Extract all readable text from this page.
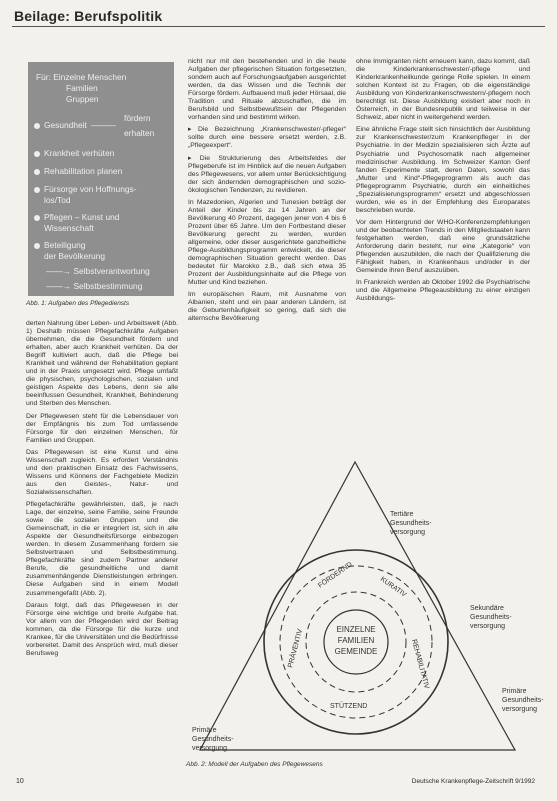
Beilage: Berufspolitik
Für: Einzelne Menschen
Familien
Gruppen
Gesundheit ———
fördern
erhalten
Krankheit verhüten
Rehabilitation planen
Fürsorge von Hoffnungs-
los/Tod
Pflegen – Kunst und
Wissenschaft
Beteiligung
der Bevölkerung
——→ Selbstverantwortung
——→ Selbstbestimmung
Abb. 1: Aufgaben des Pflegediensts

derten Nahrung über Leben- und Arbeitswelt (Abb. 1) Deshalb müssen Pflegefachkräfte Aufgaben übernehmen, die die Gesundheit fördern und erhalten, aber auch Krankheit verhüten. Da der Begriff kultiviert auch, daß die Pflege bei Krankheit und während der Rehabilitation geplant und in der Praxis umgesetzt wird. Pflege umfaßt die physischen, psychologischen, sozialen und geistigen Aspekte des Lebens, denn sie alle beeinflussen Gesundheit, Krankheit, Behinderung und Sterben des Menschen.

Der Pflegewesen steht für die Lebensdauer von der Empfängnis bis zum Tod umfassende Fürsorge für den einzelnen Menschen, für Familien und Gruppen.

Das Pflegewesen ist eine Kunst und eine Wissenschaft zugleich. Es erfordert Verständnis und den praktischen Einsatz des Fachwissens, Wissens und Könnens der Fachgebiete Medizin aus den Geistes-, Natur- und Sozialwissenschaften.

Pflegefachkräfte gewährleisten, daß, je nach Lage, der einzelne, seine Familie, seine Freunde sowie die sozialen Gruppen und die Gemeinschaft, in die er integriert ist, sich in alle Aspekte der Gesundheitsfürsorge einbezogen werden. In diesem Zusammenhang fordern sie Selbstvertrauen und Selbstbestimmung. Pflegefachkräfte sind zudem Partner anderer Berufe, die gesundheitliche und damit zusammenhängende Dienstleistungen erbringen. Diese Aufgaben sind in einem Modell zusammengefaßt (Abb. 2).

Daraus folgt, daß das Pflegewesen in der Fürsorge eine wichtige und breite Aufgabe hat. Vor allem von der Pflegenden wird der Beitrag kommen, da die Fürsorge für die kurze und Krankee, für die Universitäten und die Bedürfnisse vorbereitet. Damit des Ansprüch wird, muß dieser Berufsweg

nicht nur mit den bestehenden und in die heute Aufgaben der pflegerischen Situation fortgesetzten, sondern auch auf Forschungsaufgaben ausgerichtet werden, da das Wissen und die Technik der Fürsorge fördern. Aufbauend muß jeder Hörsaal, die Tradition und Rituale abzuschaffen, die im Berufsbild und Selbstbewußtsein der Pflegenden vorhanden sind und bestimmt wirken.

▸ Die Bezeichnung „Krankenschwester/-pfleger“ sollte durch eine bessere ersetzt werden, z.B. „Pflegeexpert“.

▸ Die Strukturierung des Arbeitsfeldes der Pflegeberufe ist im Hinblick auf die neuen Aufgaben des Pflegewesens, vor allem unter Berücksichtigung der sich ändernden demographischen und sozio-ökologischen Tendenzen, zu revidieren.

In Mazedonien, Algerien und Tunesien beträgt der Anteil der Kinder bis zu 14 Jahren an der Bevölkerung 40 Prozent, dagegen jener von 4 bis 6 Prozent über 65 Jahre. Um den Fortbestand dieser Bevölkerung gerecht zu werden, wurden allgemeine, oder dieser ausgerichtete ganzheitliche Pflege-Ausbildungsprogramm entwickelt, die dieser demographischen Situation gerecht werden. Das bedeutet für Marokko z.B., daß sich etwa 35 Prozent der Ausbildungsinhalte auf die Pflege von Mutter und Kind beziehen.

Im europäischen Raum, mit Ausnahme von Albanien, steht und ein paar anderen Ländern, ist die Geburtenhäufigkeit so gering, daß sich die alternsche Bevölkerung

ohne Immigranten nicht erneuern kann, dazu kommt, daß die Kinderkrankenschwester/-pflege und Kinderkrankenheilkunde geringe Rolle spielen. In einem solchen Kontext ist zu Fragen, ob die eigenständige Ausbildung von Kinderkrankenschwestern/-pflegern noch berechtigt ist. Diese Ausbildung existiert aber noch in Österreich, in der Bundesrepublik und teilweise in der Schweiz, aber nicht in weitergehend werden.

Eine ähnliche Frage stellt sich hinsichtlich der Ausbildung zur Krankenschwester/zum Krankenpfleger in der Psychiatrie. In der Medizin spezialisieren sich Ärzte auf Psychiatrie und Psychosomatik nach allgemeiner medizinischer Ausbildung. Im Schweizer Kanton Genf fanden Experimente statt, deren Daten, sowohl das „Mutter und Kind“-Pflegeprogramm als auch das Pflegeprogramm Psychiatrie, durch ein einheitliches „Spezialisierungsprogramm“ ersetzt und abgeschlossen wurden, wie es in der Empfehlung des Europarates beschrieben wurde.

Vor dem Hintergrund der WHO-Konferenzempfehlungen und der beobachteten Trends in den Mitgliedstaaten kann festgehalten werden, daß eine grundsätzliche Anforderung darin besteht, nur eine „Kategorie“ von Pflegenden auszubilden, die nach der Qualifizierung die Fähigkeit haben, in Krankenhaus und/oder in der Gemeinde ihren Beruf auszuüben.

In Frankreich werden ab Oktober 1992 die Psychiatrische und die Allgemeine Pflegeausbildung zu einer einzigen Ausbildungs-

EINZELNE
FAMILIEN
GEMEINDE
FÖRDERND	KURATIV
REHABILITATIV
STÜTZEND
PRÄVENTIV
Primäre
Gesundheits-
versorgung
Tertiäre
Gesundheits-
versorgung
Sekundäre
Gesundheits-
versorgung
Primäre
Gesundheits-
versorgung
Abb. 2: Modell der Aufgaben des Pflegewesens
10	Deutsche Krankenpflege-Zeitschrift 9/1992
